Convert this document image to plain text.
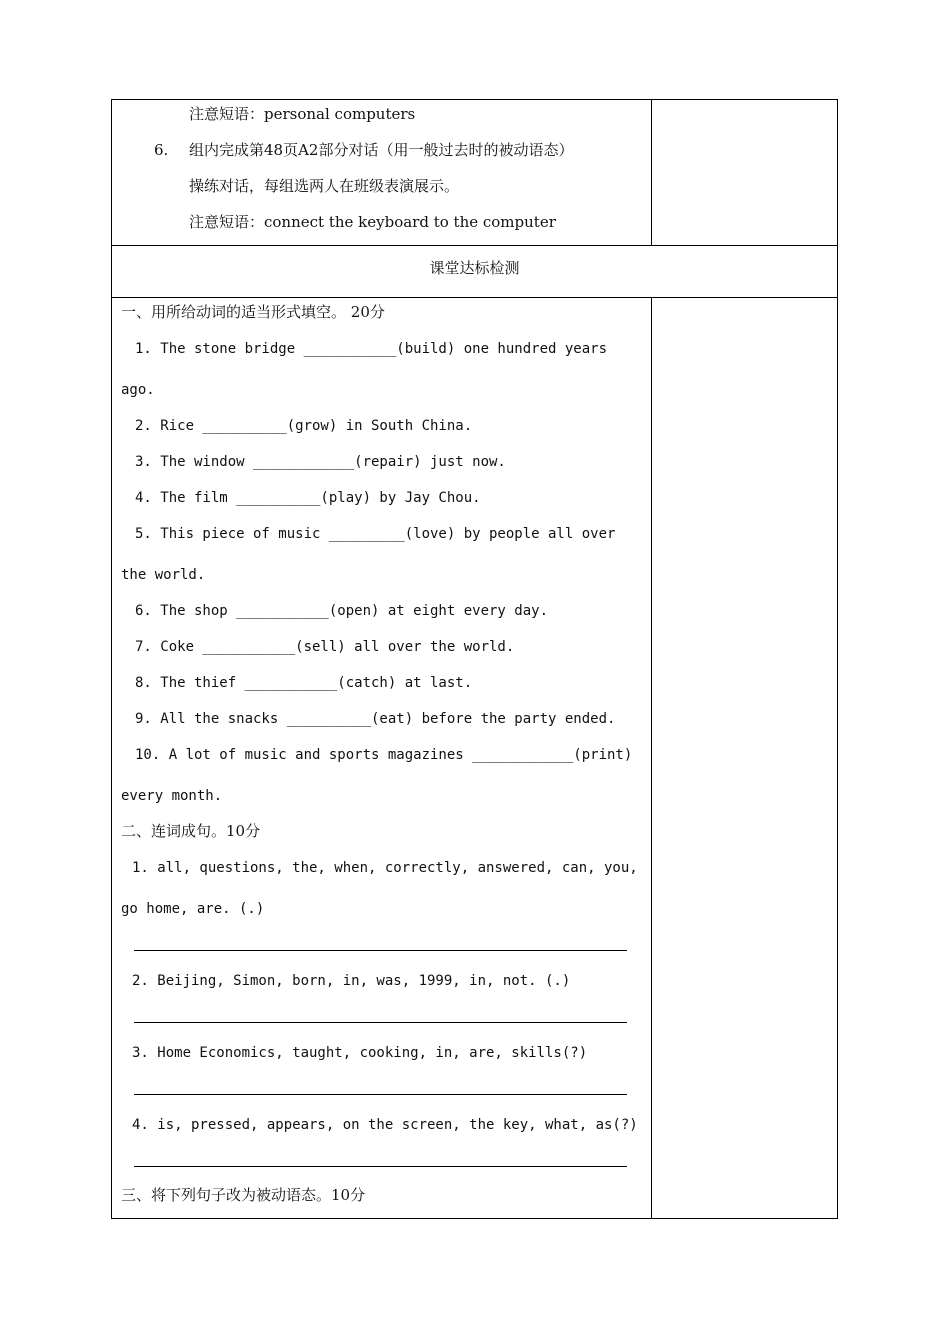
注意短语：personal computers
6. 组内完成第48页A2部分对话（用一般过去时的被动语态）
操练对话，每组选两人在班级表演展示。
注意短语：connect the keyboard to the computer
课堂达标检测
一、用所给动词的适当形式填空。 20分
1. The stone bridge ___________(build) one hundred years
ago.
2. Rice __________(grow) in South China.
3. The window ____________(repair) just now.
4. The film __________(play) by Jay Chou.
5. This piece of music _________(love) by people all over
the world.
6. The shop ___________(open) at eight every day.
7. Coke ___________(sell) all over the world.
8. The thief ___________(catch) at last.
9. All the snacks __________(eat) before the party ended.
10. A lot of music and sports magazines ____________(print)
every month.
二、连词成句。10分
1. all, questions, the, when, correctly, answered, can, you,
go home, are. (.)
2. Beijing, Simon, born, in, was, 1999, in, not. (.)
3. Home Economics, taught, cooking, in, are, skills(?)
4. is, pressed, appears, on the screen, the key, what, as(?)
三、将下列句子改为被动语态。10分
